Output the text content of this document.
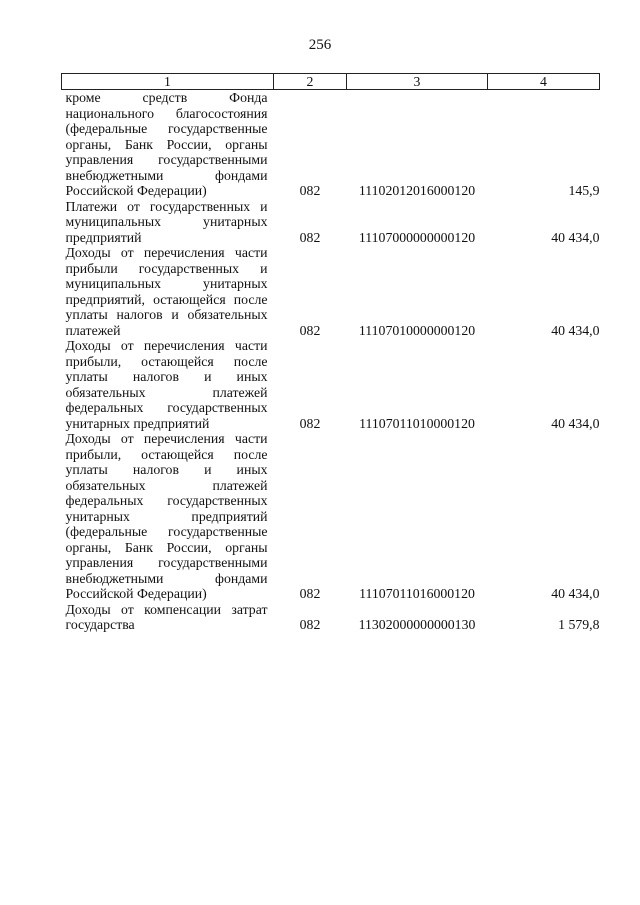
256
1	2	3	4
кроме средств Фонда национального благосостояния (федеральные государственные органы, Банк России, органы управления государственными внебюджетными фондами Российской Федерации)	082	11102012016000120	145,9
Платежи от государственных и муниципальных унитарных предприятий	082	11107000000000120	40 434,0
Доходы от перечисления части прибыли государственных и муниципальных унитарных предприятий, остающейся после уплаты налогов и обязательных платежей	082	11107010000000120	40 434,0
Доходы от перечисления части прибыли, остающейся после уплаты налогов и иных обязательных платежей федеральных государственных унитарных предприятий	082	11107011010000120	40 434,0
Доходы от перечисления части прибыли, остающейся после уплаты налогов и иных обязательных платежей федеральных государственных унитарных предприятий (федеральные государственные органы, Банк России, органы управления государственными внебюджетными фондами Российской Федерации)	082	11107011016000120	40 434,0
Доходы от компенсации затрат государства	082	11302000000000130	1 579,8
